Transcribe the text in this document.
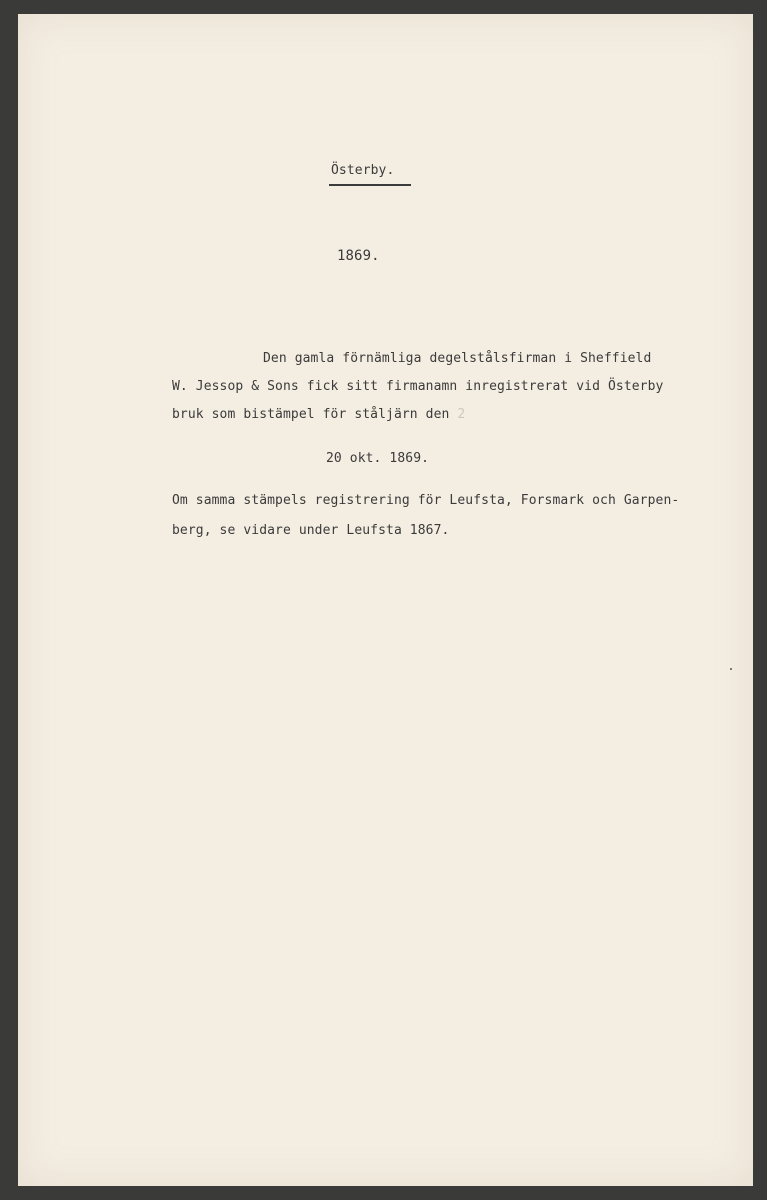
Österby.
1869.
Den gamla förnämliga degelstålsfirman i Sheffield
W. Jessop & Sons fick sitt firmanamn inregistrerat vid Österby
bruk som bistämpel för ståljärn den 2
20 okt. 1869.
Om samma stämpels registrering för Leufsta, Forsmark och Garpen-
berg, se vidare under Leufsta 1867.
